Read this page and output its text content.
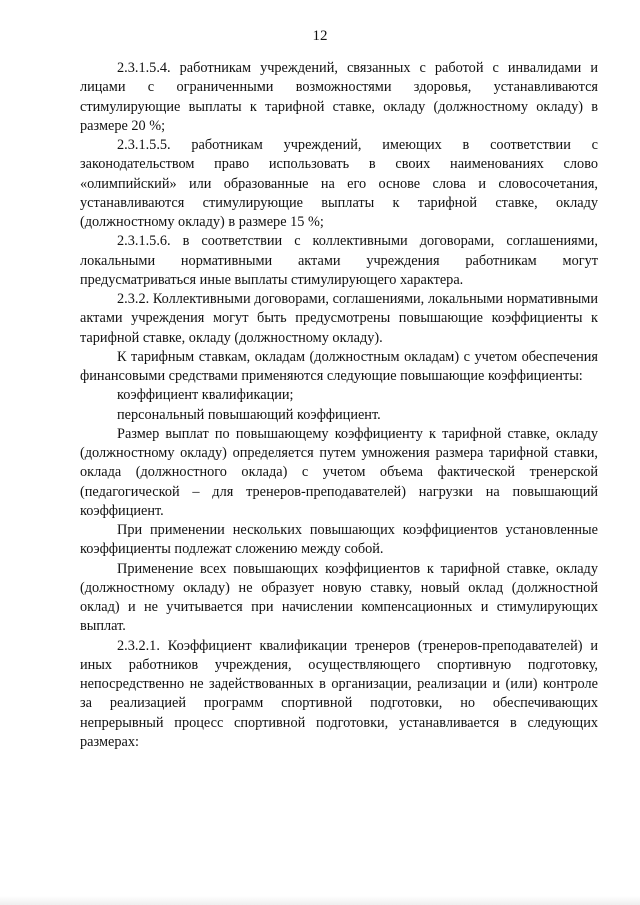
12

2.3.1.5.4. работникам учреждений, связанных с работой с инвалидами и лицами с ограниченными возможностями здоровья, устанавливаются стимулирующие выплаты к тарифной ставке, окладу (должностному окладу) в размере 20 %;

2.3.1.5.5. работникам учреждений, имеющих в соответствии с законодательством право использовать в своих наименованиях слово «олимпийский» или образованные на его основе слова и словосочетания, устанавливаются стимулирующие выплаты к тарифной ставке, окладу (должностному окладу) в размере 15 %;

2.3.1.5.6. в соответствии с коллективными договорами, соглашениями, локальными нормативными актами учреждения работникам могут предусматриваться иные выплаты стимулирующего характера.

2.3.2. Коллективными договорами, соглашениями, локальными нормативными актами учреждения могут быть предусмотрены повышающие коэффициенты к тарифной ставке, окладу (должностному окладу).

К тарифным ставкам, окладам (должностным окладам) с учетом обеспечения финансовыми средствами применяются следующие повышающие коэффициенты:

коэффициент квалификации;

персональный повышающий коэффициент.

Размер выплат по повышающему коэффициенту к тарифной ставке, окладу (должностному окладу) определяется путем умножения размера тарифной ставки, оклада (должностного оклада) с учетом объема фактической тренерской (педагогической – для тренеров-преподавателей) нагрузки на повышающий коэффициент.

При применении нескольких повышающих коэффициентов установленные коэффициенты подлежат сложению между собой.

Применение всех повышающих коэффициентов к тарифной ставке, окладу (должностному окладу) не образует новую ставку, новый оклад (должностной оклад) и не учитывается при начислении компенсационных и стимулирующих выплат.

2.3.2.1. Коэффициент квалификации тренеров (тренеров-преподавателей) и иных работников учреждения, осуществляющего спортивную подготовку, непосредственно не задействованных в организации, реализации и (или) контроле за реализацией программ спортивной подготовки, но обеспечивающих непрерывный процесс спортивной подготовки, устанавливается в следующих размерах:
